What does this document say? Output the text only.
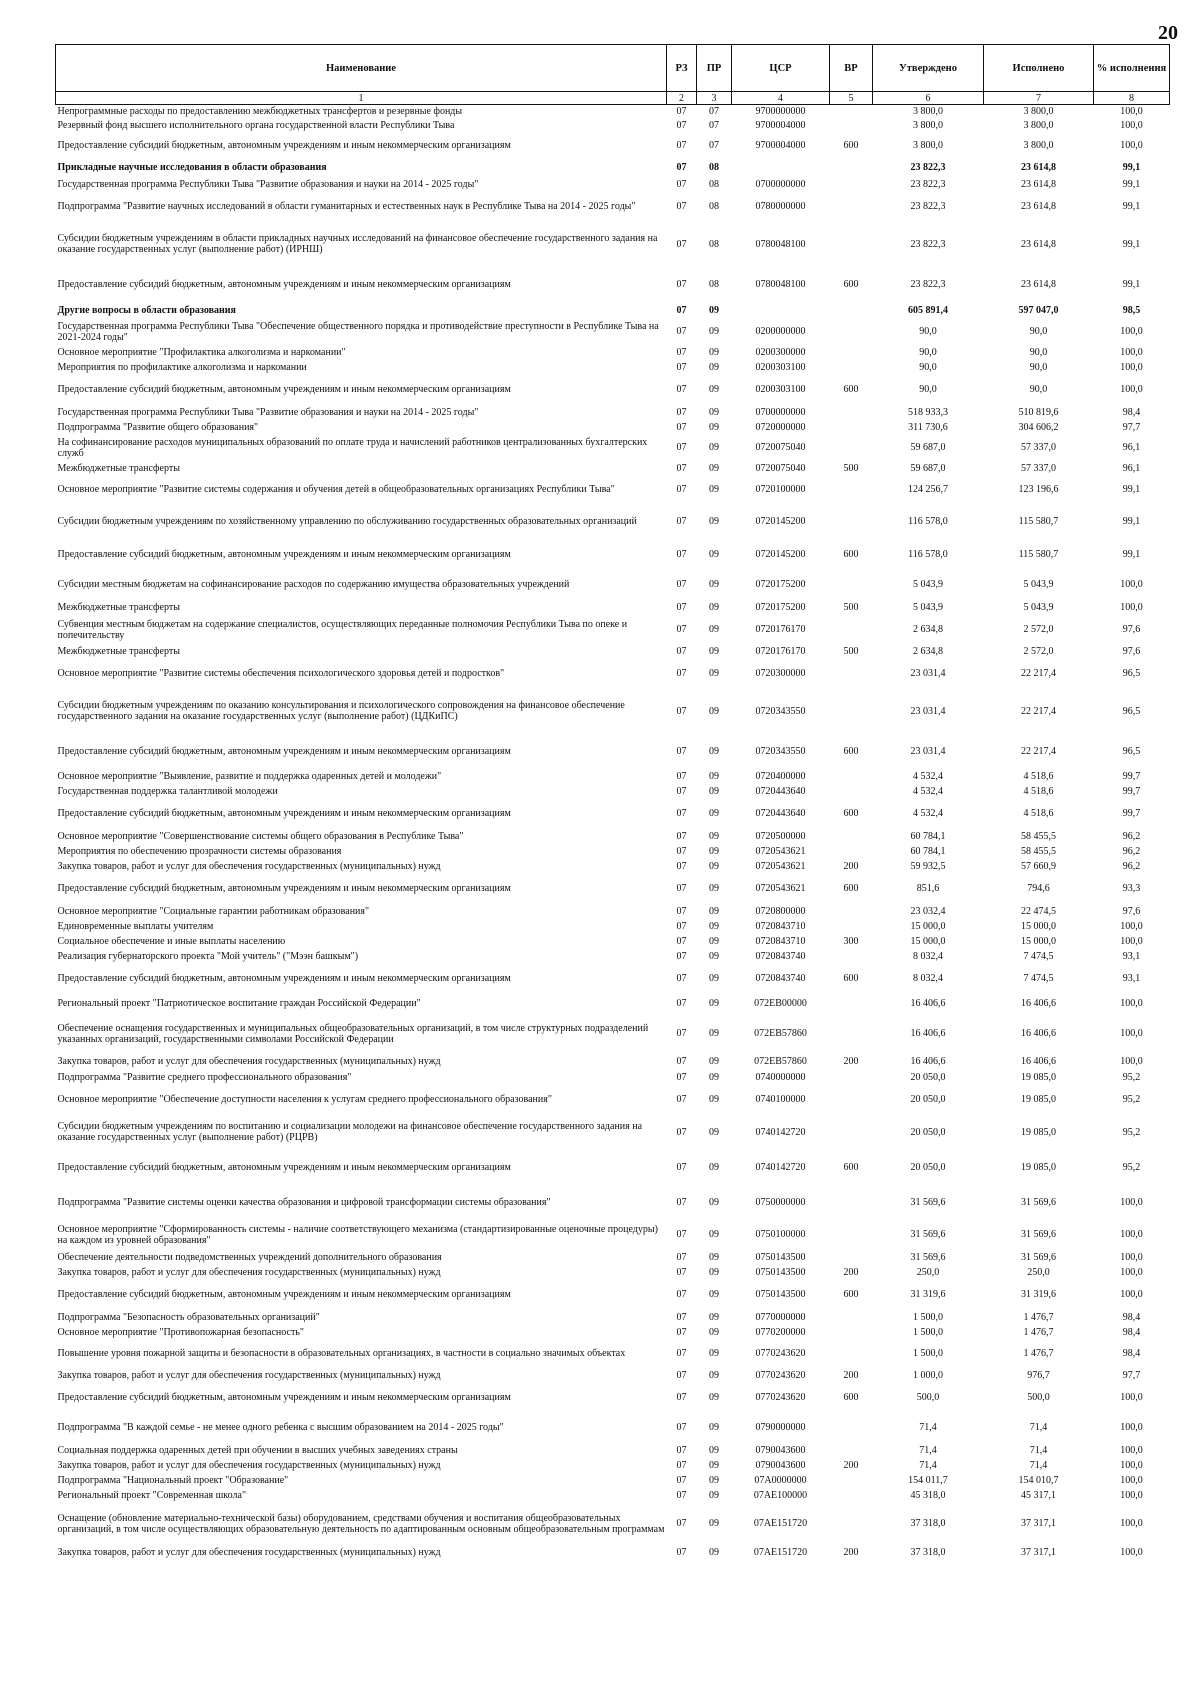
20
Наименование	РЗ	ПР	ЦСР	ВР	Утверждено	Исполнено	% исполнения
1	2	3	4	5	6	7	8
Непрограммные расходы по предоставлению межбюджетных трансфертов и резервные фонды	07	07	9700000000		3 800,0	3 800,0	100,0
Резервный фонд высшего исполнительного органа государственной власти Республики Тыва	07	07	9700004000		3 800,0	3 800,0	100,0
Предоставление субсидий бюджетным, автономным учреждениям и иным некоммерческим организациям	07	07	9700004000	600	3 800,0	3 800,0	100,0
Прикладные научные исследования в области образования	07	08			23 822,3	23 614,8	99,1
Государственная программа Республики Тыва "Развитие образования и науки на 2014 - 2025 годы"	07	08	0700000000		23 822,3	23 614,8	99,1
Подпрограмма "Развитие научных исследований в области гуманитарных и естественных наук в Республике Тыва на 2014 - 2025 годы"	07	08	0780000000		23 822,3	23 614,8	99,1
Субсидии бюджетным учреждениям в области прикладных научных исследований на финансовое обеспечение государственного задания на оказание государственных услуг (выполнение работ) (ИРНШ)	07	08	0780048100		23 822,3	23 614,8	99,1
Предоставление субсидий бюджетным, автономным учреждениям и иным некоммерческим организациям	07	08	0780048100	600	23 822,3	23 614,8	99,1
Другие вопросы в области образования	07	09			605 891,4	597 047,0	98,5
Государственная программа Республики Тыва "Обеспечение общественного порядка и противодействие преступности в Республике Тыва на 2021-2024 годы"	07	09	0200000000		90,0	90,0	100,0
Основное мероприятие "Профилактика алкоголизма и наркомании"	07	09	0200300000		90,0	90,0	100,0
Мероприятия по профилактике алкоголизма и наркомании	07	09	0200303100		90,0	90,0	100,0
Предоставление субсидий бюджетным, автономным учреждениям и иным некоммерческим организациям	07	09	0200303100	600	90,0	90,0	100,0
Государственная программа Республики Тыва "Развитие образования и науки на 2014 - 2025 годы"	07	09	0700000000		518 933,3	510 819,6	98,4
Подпрограмма "Развитие общего образования"	07	09	0720000000		311 730,6	304 606,2	97,7
На софинансирование расходов муниципальных образований по оплате труда и начислений работников централизованных бухгалтерских служб	07	09	0720075040		59 687,0	57 337,0	96,1
Межбюджетные трансферты	07	09	0720075040	500	59 687,0	57 337,0	96,1
Основное мероприятие "Развитие системы содержания и обучения детей в общеобразовательных организациях Республики Тыва"	07	09	0720100000		124 256,7	123 196,6	99,1
Субсидии бюджетным учреждениям по хозяйственному управлению по обслуживанию государственных образовательных организаций	07	09	0720145200		116 578,0	115 580,7	99,1
Предоставление субсидий бюджетным, автономным учреждениям и иным некоммерческим организациям	07	09	0720145200	600	116 578,0	115 580,7	99,1
Субсидии местным бюджетам на софинансирование расходов по содержанию имущества образовательных учреждений	07	09	0720175200		5 043,9	5 043,9	100,0
Межбюджетные трансферты	07	09	0720175200	500	5 043,9	5 043,9	100,0
Субвенция местным бюджетам на содержание специалистов, осуществляющих переданные полномочия Республики Тыва по опеке и попечительству	07	09	0720176170		2 634,8	2 572,0	97,6
Межбюджетные трансферты	07	09	0720176170	500	2 634,8	2 572,0	97,6
Основное мероприятие "Развитие системы обеспечения психологического здоровья детей и подростков"	07	09	0720300000		23 031,4	22 217,4	96,5
Субсидии бюджетным учреждениям по оказанию консультирования и психологического сопровождения на финансовое обеспечение государственного задания на оказание государственных услуг (выполнение работ) (ЦДКиПС)	07	09	0720343550		23 031,4	22 217,4	96,5
Предоставление субсидий бюджетным, автономным учреждениям и иным некоммерческим организациям	07	09	0720343550	600	23 031,4	22 217,4	96,5
Основное мероприятие "Выявление, развитие и поддержка одаренных детей и молодежи"	07	09	0720400000		4 532,4	4 518,6	99,7
Государственная поддержка талантливой молодежи	07	09	0720443640		4 532,4	4 518,6	99,7
Предоставление субсидий бюджетным, автономным учреждениям и иным некоммерческим организациям	07	09	0720443640	600	4 532,4	4 518,6	99,7
Основное мероприятие "Совершенствование системы общего образования в Республике Тыва"	07	09	0720500000		60 784,1	58 455,5	96,2
Мероприятия по обеспечению прозрачности системы образования	07	09	0720543621		60 784,1	58 455,5	96,2
Закупка товаров, работ и услуг для обеспечения государственных (муниципальных) нужд	07	09	0720543621	200	59 932,5	57 660,9	96,2
Предоставление субсидий бюджетным, автономным учреждениям и иным некоммерческим организациям	07	09	0720543621	600	851,6	794,6	93,3
Основное мероприятие "Социальные гарантии работникам образования"	07	09	0720800000		23 032,4	22 474,5	97,6
Единовременные выплаты учителям	07	09	0720843710		15 000,0	15 000,0	100,0
Социальное обеспечение и иные выплаты населению	07	09	0720843710	300	15 000,0	15 000,0	100,0
Реализация губернаторского проекта "Мой учитель" ("Мээн башкым")	07	09	0720843740		8 032,4	7 474,5	93,1
Предоставление субсидий бюджетным, автономным учреждениям и иным некоммерческим организациям	07	09	0720843740	600	8 032,4	7 474,5	93,1
Региональный проект "Патриотическое воспитание граждан Российской Федерации"	07	09	072EB00000		16 406,6	16 406,6	100,0
Обеспечение оснащения государственных и муниципальных общеобразовательных организаций, в том числе структурных подразделений указанных организаций, государственными символами Российской Федерации	07	09	072EB57860		16 406,6	16 406,6	100,0
Закупка товаров, работ и услуг для обеспечения государственных (муниципальных) нужд	07	09	072EB57860	200	16 406,6	16 406,6	100,0
Подпрограмма "Развитие среднего профессионального образования"	07	09	0740000000		20 050,0	19 085,0	95,2
Основное мероприятие "Обеспечение доступности населения к услугам среднего профессионального образования"	07	09	0740100000		20 050,0	19 085,0	95,2
Субсидии бюджетным учреждениям по воспитанию и социализации молодежи на финансовое обеспечение государственного задания на оказание государственных услуг (выполнение работ) (РЦРВ)	07	09	0740142720		20 050,0	19 085,0	95,2
Предоставление субсидий бюджетным, автономным учреждениям и иным некоммерческим организациям	07	09	0740142720	600	20 050,0	19 085,0	95,2
Подпрограмма "Развитие системы оценки качества образования и цифровой трансформации системы образования"	07	09	0750000000		31 569,6	31 569,6	100,0
Основное мероприятие "Сформированность системы - наличие соответствующего механизма (стандартизированные оценочные процедуры) на каждом из уровней образования"	07	09	0750100000		31 569,6	31 569,6	100,0
Обеспечение деятельности подведомственных учреждений дополнительного образования	07	09	0750143500		31 569,6	31 569,6	100,0
Закупка товаров, работ и услуг для обеспечения государственных (муниципальных) нужд	07	09	0750143500	200	250,0	250,0	100,0
Предоставление субсидий бюджетным, автономным учреждениям и иным некоммерческим организациям	07	09	0750143500	600	31 319,6	31 319,6	100,0
Подпрограмма "Безопасность образовательных организаций"	07	09	0770000000		1 500,0	1 476,7	98,4
Основное мероприятие "Противопожарная безопасность"	07	09	0770200000		1 500,0	1 476,7	98,4
Повышение уровня пожарной защиты и безопасности в образовательных организациях, в частности в социально значимых объектах	07	09	0770243620		1 500,0	1 476,7	98,4
Закупка товаров, работ и услуг для обеспечения государственных (муниципальных) нужд	07	09	0770243620	200	1 000,0	976,7	97,7
Предоставление субсидий бюджетным, автономным учреждениям и иным некоммерческим организациям	07	09	0770243620	600	500,0	500,0	100,0
Подпрограмма "В каждой семье - не менее одного ребенка с высшим образованием на 2014 - 2025 годы"	07	09	0790000000		71,4	71,4	100,0
Социальная поддержка одаренных детей при обучении в высших учебных заведениях страны	07	09	0790043600		71,4	71,4	100,0
Закупка товаров, работ и услуг для обеспечения государственных (муниципальных) нужд	07	09	0790043600	200	71,4	71,4	100,0
Подпрограмма "Национальный проект "Образование"	07	09	07А0000000		154 011,7	154 010,7	100,0
Региональный проект "Современная школа"	07	09	07АЕ100000		45 318,0	45 317,1	100,0
Оснащение (обновление материально-технической базы) оборудованием, средствами обучения и воспитания общеобразовательных организаций, в том числе осуществляющих образовательную деятельность по адаптированным основным общеобразовательным программам	07	09	07АЕ151720		37 318,0	37 317,1	100,0
Закупка товаров, работ и услуг для обеспечения государственных (муниципальных) нужд	07	09	07АЕ151720	200	37 318,0	37 317,1	100,0
